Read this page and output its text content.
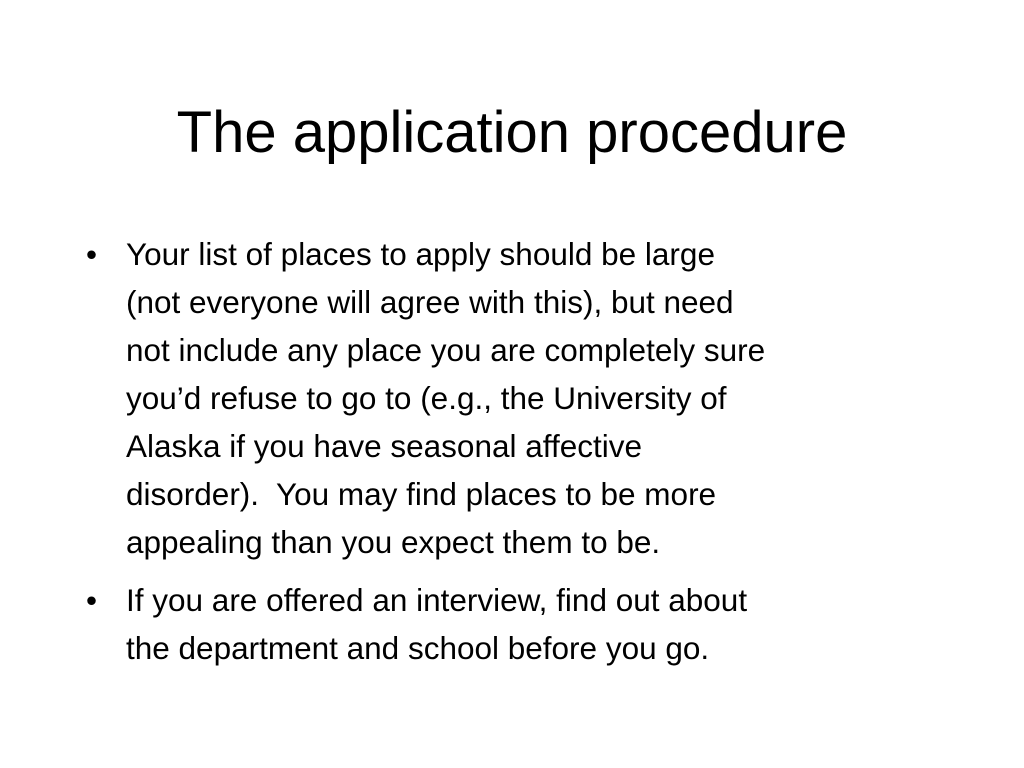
The application procedure
• Your list of places to apply should be large
(not everyone will agree with this), but need
not include any place you are completely sure
you’d refuse to go to (e.g., the University of
Alaska if you have seasonal affective
disorder).  You may find places to be more
appealing than you expect them to be.
• If you are offered an interview, find out about
the department and school before you go.
